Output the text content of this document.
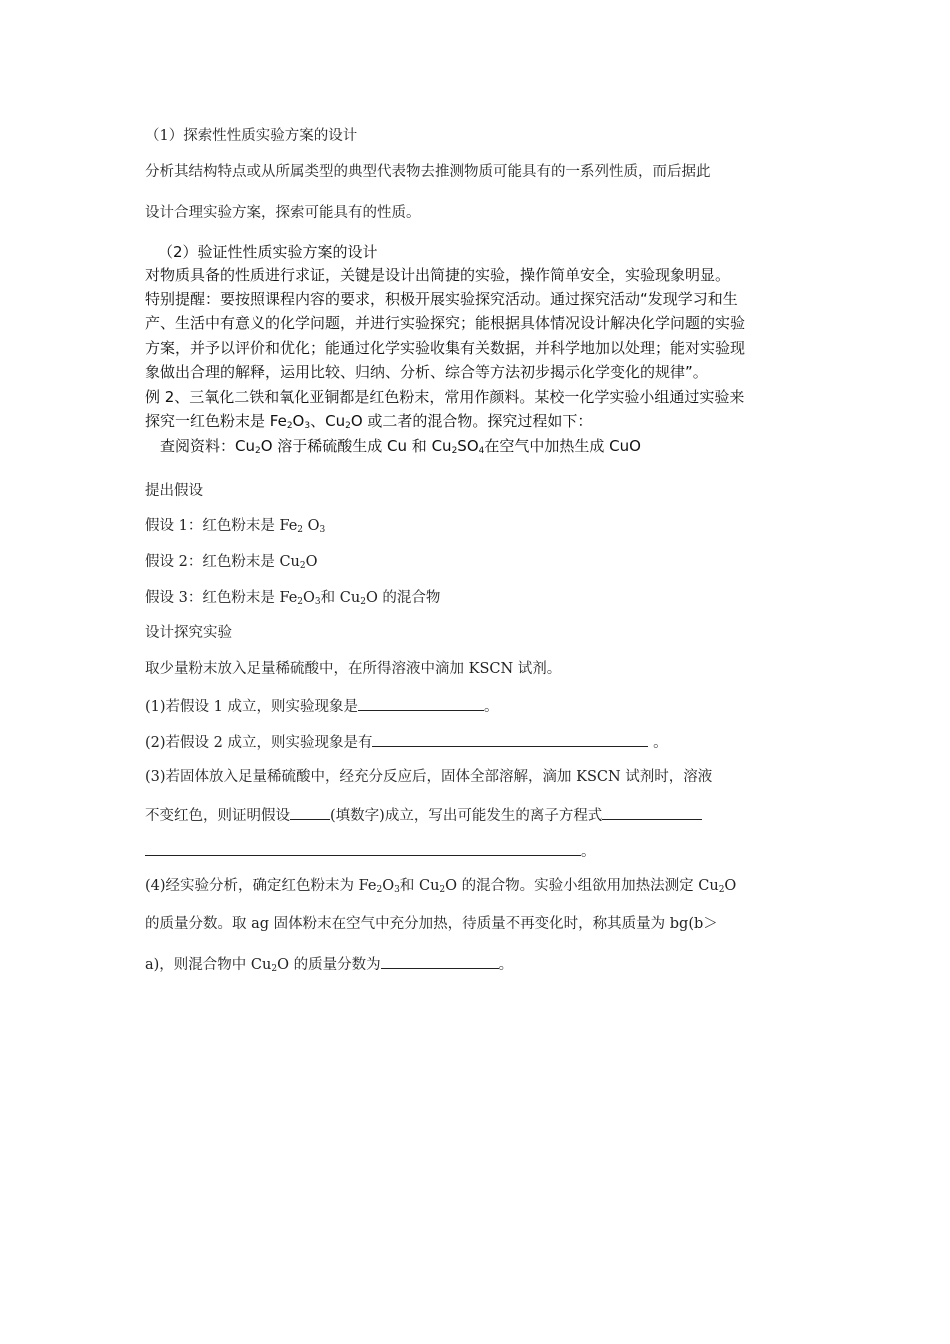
（1）探索性性质实验方案的设计
分析其结构特点或从所属类型的典型代表物去推测物质可能具有的一系列性质，而后据此
设计合理实验方案，探索可能具有的性质。
（2）验证性性质实验方案的设计
对物质具备的性质进行求证，关键是设计出简捷的实验，操作简单安全，实验现象明显。
特别提醒：要按照课程内容的要求，积极开展实验探究活动。通过探究活动“发现学习和生
产、生活中有意义的化学问题，并进行实验探究；能根据具体情况设计解决化学问题的实验
方案，并予以评价和优化；能通过化学实验收集有关数据，并科学地加以处理；能对实验现
象做出合理的解释，运用比较、归纳、分析、综合等方法初步揭示化学变化的规律”。
例 2、三氧化二铁和氧化亚铜都是红色粉末，常用作颜料。某校一化学实验小组通过实验来
探究一红色粉末是 $Fe_2O_3$、$Cu_2O$ 或二者的混合物。探究过程如下：
查阅资料：$Cu_2O$ 溶于稀硫酸生成 Cu 和 $Cu_2SO_4$在空气中加热生成 CuO
提出假设
假设 1：红色粉末是 $Fe_2$ $O_3$
假设 2：红色粉末是 $Cu_2O$
假设 3：红色粉末是 $Fe_2O_3$和 $Cu_2O$ 的混合物
设计探究实验
取少量粉末放入足量稀硫酸中，在所得溶液中滴加 KSCN 试剂。
(1)若假设 1 成立，则实验现象是	。
(2)若假设 2 成立，则实验现象是有	。
(3)若固体放入足量稀硫酸中，经充分反应后，固体全部溶解，滴加 KSCN 试剂时，溶液
不变红色，则证明假设	(填数字)成立，写出可能发生的离子方程式
。
(4)经实验分析，确定红色粉末为 $Fe_2O_3$和 $Cu_2O$ 的混合物。实验小组欲用加热法测定 $Cu_2O$
的质量分数。取 ag 固体粉末在空气中充分加热，待质量不再变化时，称其质量为 bg(b＞
a)，则混合物中 $Cu_2O$ 的质量分数为	。
